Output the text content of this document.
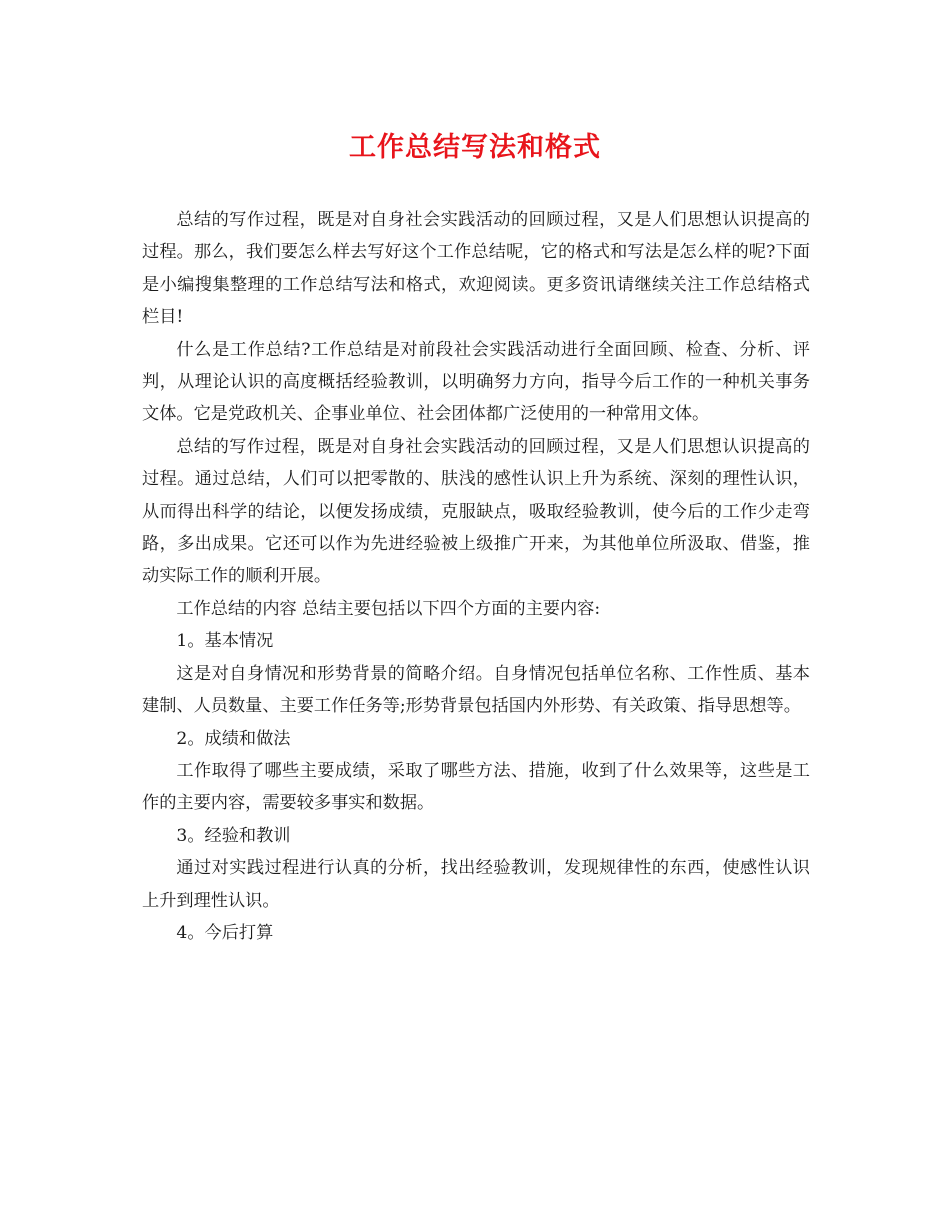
工作总结写法和格式

总结的写作过程，既是对自身社会实践活动的回顾过程，又是人们思想认识提高的过程。那么，我们要怎么样去写好这个工作总结呢，它的格式和写法是怎么样的呢?下面是小编搜集整理的工作总结写法和格式，欢迎阅读。更多资讯请继续关注工作总结格式栏目!

什么是工作总结?工作总结是对前段社会实践活动进行全面回顾、检查、分析、评判，从理论认识的高度概括经验教训，以明确努力方向，指导今后工作的一种机关事务文体。它是党政机关、企事业单位、社会团体都广泛使用的一种常用文体。

总结的写作过程，既是对自身社会实践活动的回顾过程，又是人们思想认识提高的过程。通过总结，人们可以把零散的、肤浅的感性认识上升为系统、深刻的理性认识，从而得出科学的结论，以便发扬成绩，克服缺点，吸取经验教训，使今后的工作少走弯路，多出成果。它还可以作为先进经验被上级推广开来，为其他单位所汲取、借鉴，推动实际工作的顺利开展。

工作总结的内容 总结主要包括以下四个方面的主要内容:

1。基本情况

这是对自身情况和形势背景的简略介绍。自身情况包括单位名称、工作性质、基本建制、人员数量、主要工作任务等;形势背景包括国内外形势、有关政策、指导思想等。

2。成绩和做法

工作取得了哪些主要成绩，采取了哪些方法、措施，收到了什么效果等，这些是工作的主要内容，需要较多事实和数据。

3。经验和教训

通过对实践过程进行认真的分析，找出经验教训，发现规律性的东西，使感性认识上升到理性认识。

4。今后打算
